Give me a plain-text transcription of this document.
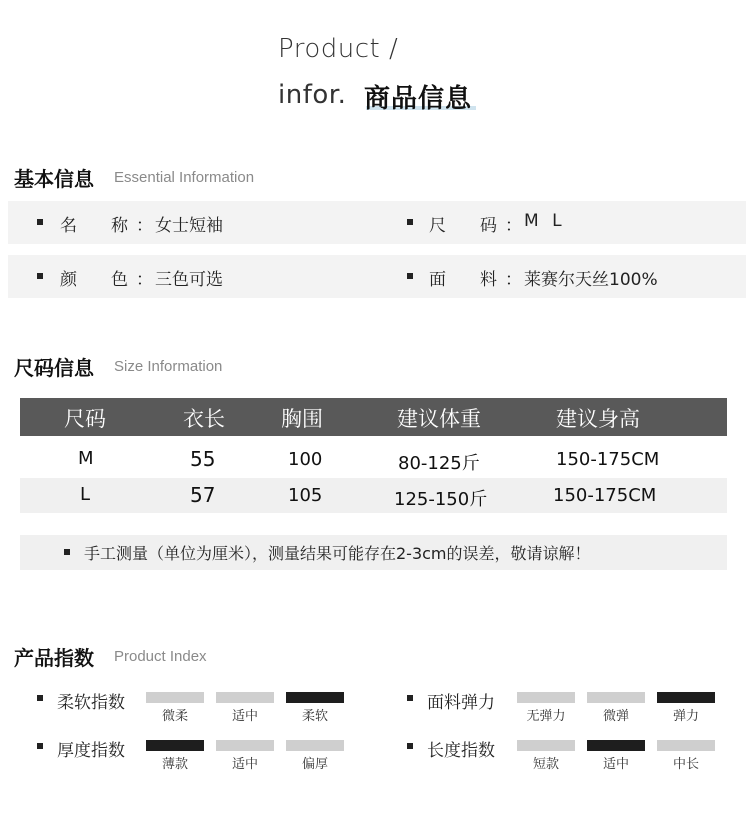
Product /
infor. 商品信息
基本信息 Essential Information
名　　称 ： 女士短袖	尺　　码 ： M L
颜　　色 ： 三色可选	面　　料 ： 莱赛尔天丝100%
尺码信息 Size Information
尺码	衣长	胸围	建议体重	建议身高
M	55	100	80-125斤	150-175CM
L	57	105	125-150斤	150-175CM
手工测量（单位为厘米），测量结果可能存在2-3cm的误差，敬请谅解！
产品指数 Product Index
柔软指数
微柔	适中	柔软
面料弹力
无弹力	微弹	弹力
厚度指数
薄款	适中	偏厚
长度指数
短款	适中	中长
